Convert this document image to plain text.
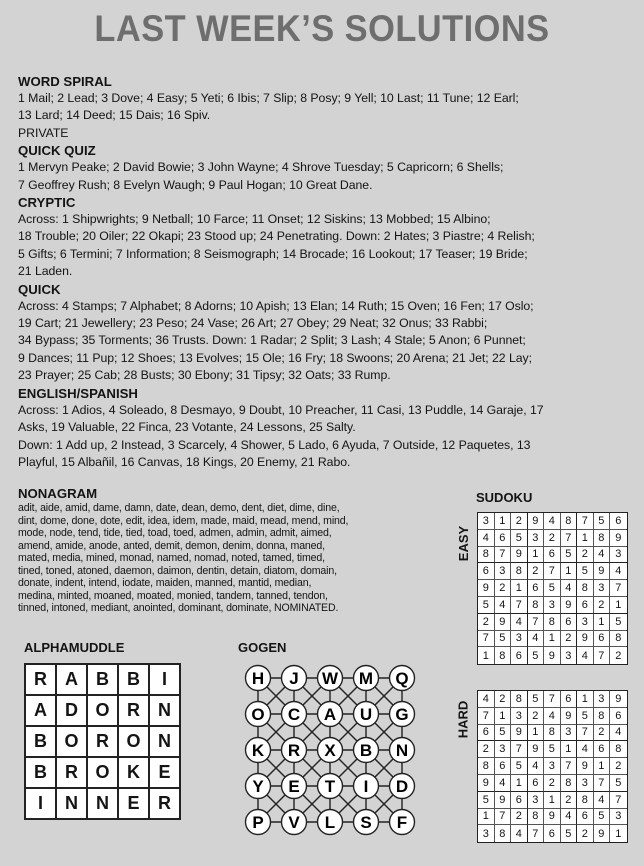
LAST WEEK’S SOLUTIONS
WORD SPIRAL
1 Mail; 2 Lead; 3 Dove; 4 Easy; 5 Yeti; 6 Ibis; 7 Slip; 8 Posy; 9 Yell; 10 Last; 11 Tune; 12 Earl;
13 Lard; 14 Deed; 15 Dais; 16 Spiv.
PRIVATE
QUICK QUIZ
1 Mervyn Peake; 2 David Bowie; 3 John Wayne; 4 Shrove Tuesday; 5 Capricorn; 6 Shells;
7 Geoffrey Rush; 8 Evelyn Waugh; 9 Paul Hogan; 10 Great Dane.
CRYPTIC
Across: 1 Shipwrights; 9 Netball; 10 Farce; 11 Onset; 12 Siskins; 13 Mobbed; 15 Albino;
18 Trouble; 20 Oiler; 22 Okapi; 23 Stood up; 24 Penetrating. Down: 2 Hates; 3 Piastre; 4 Relish;
5 Gifts; 6 Termini; 7 Information; 8 Seismograph; 14 Brocade; 16 Lookout; 17 Teaser; 19 Bride;
21 Laden.
QUICK
Across: 4 Stamps; 7 Alphabet; 8 Adorns; 10 Apish; 13 Elan; 14 Ruth; 15 Oven; 16 Fen; 17 Oslo;
19 Cart; 21 Jewellery; 23 Peso; 24 Vase; 26 Art; 27 Obey; 29 Neat; 32 Onus; 33 Rabbi;
34 Bypass; 35 Torments; 36 Trusts. Down: 1 Radar; 2 Split; 3 Lash; 4 Stale; 5 Anon; 6 Punnet;
9 Dances; 11 Pup; 12 Shoes; 13 Evolves; 15 Ole; 16 Fry; 18 Swoons; 20 Arena; 21 Jet; 22 Lay;
23 Prayer; 25 Cab; 28 Busts; 30 Ebony; 31 Tipsy; 32 Oats; 33 Rump.
ENGLISH/SPANISH
Across: 1 Adios, 4 Soleado, 8 Desmayo, 9 Doubt, 10 Preacher, 11 Casi, 13 Puddle, 14 Garaje, 17
Asks, 19 Valuable, 22 Finca, 23 Votante, 24 Lessons, 25 Salty.
Down: 1 Add up, 2 Instead, 3 Scarcely, 4 Shower, 5 Lado, 6 Ayuda, 7 Outside, 12 Paquetes, 13
Playful, 15 Albañil, 16 Canvas, 18 Kings, 20 Enemy, 21 Rabo.
NONAGRAM
adit, aide, amid, dame, damn, date, dean, demo, dent, diet, dime, dine,
dint, dome, done, dote, edit, idea, idem, made, maid, mead, mend, mind,
mode, node, tend, tide, tied, toad, toed, admen, admin, admit, aimed,
amend, amide, anode, anted, demit, demon, denim, donna, maned,
mated, media, mined, monad, named, nomad, noted, tamed, timed,
tined, toned, atoned, daemon, daimon, dentin, detain, diatom, domain,
donate, indent, intend, iodate, maiden, manned, mantid, median,
medina, minted, moaned, moated, monied, tandem, tanned, tendon,
tinned, intoned, mediant, anointed, dominant, dominate, NOMINATED.
SUDOKU
EASY
3 1 2 9 4 8 7 5 6
4 6 5 3 2 7 1 8 9
8 7 9 1 6 5 2 4 3
6 3 8 2 7 1 5 9 4
9 2 1 6 5 4 8 3 7
5 4 7 8 3 9 6 2 1
2 9 4 7 8 6 3 1 5
7 5 3 4 1 2 9 6 8
1 8 6 5 9 3 4 7 2
HARD
4 2 8 5 7 6 1 3 9
7 1 3 2 4 9 5 8 6
6 5 9 1 8 3 7 2 4
2 3 7 9 5 1 4 6 8
8 6 5 4 3 7 9 1 2
9 4 1 6 2 8 3 7 5
5 9 6 3 1 2 8 4 7
1 7 2 8 9 4 6 5 3
3 8 4 7 6 5 2 9 1
ALPHAMUDDLE
R	A	B	B	I
A	D O R	N
B O R O N
B	R O K	E
I	N	N	E	R
GOGEN
H J W M Q
O C A U G
K R X B N
Y E T I D
P V L S F
